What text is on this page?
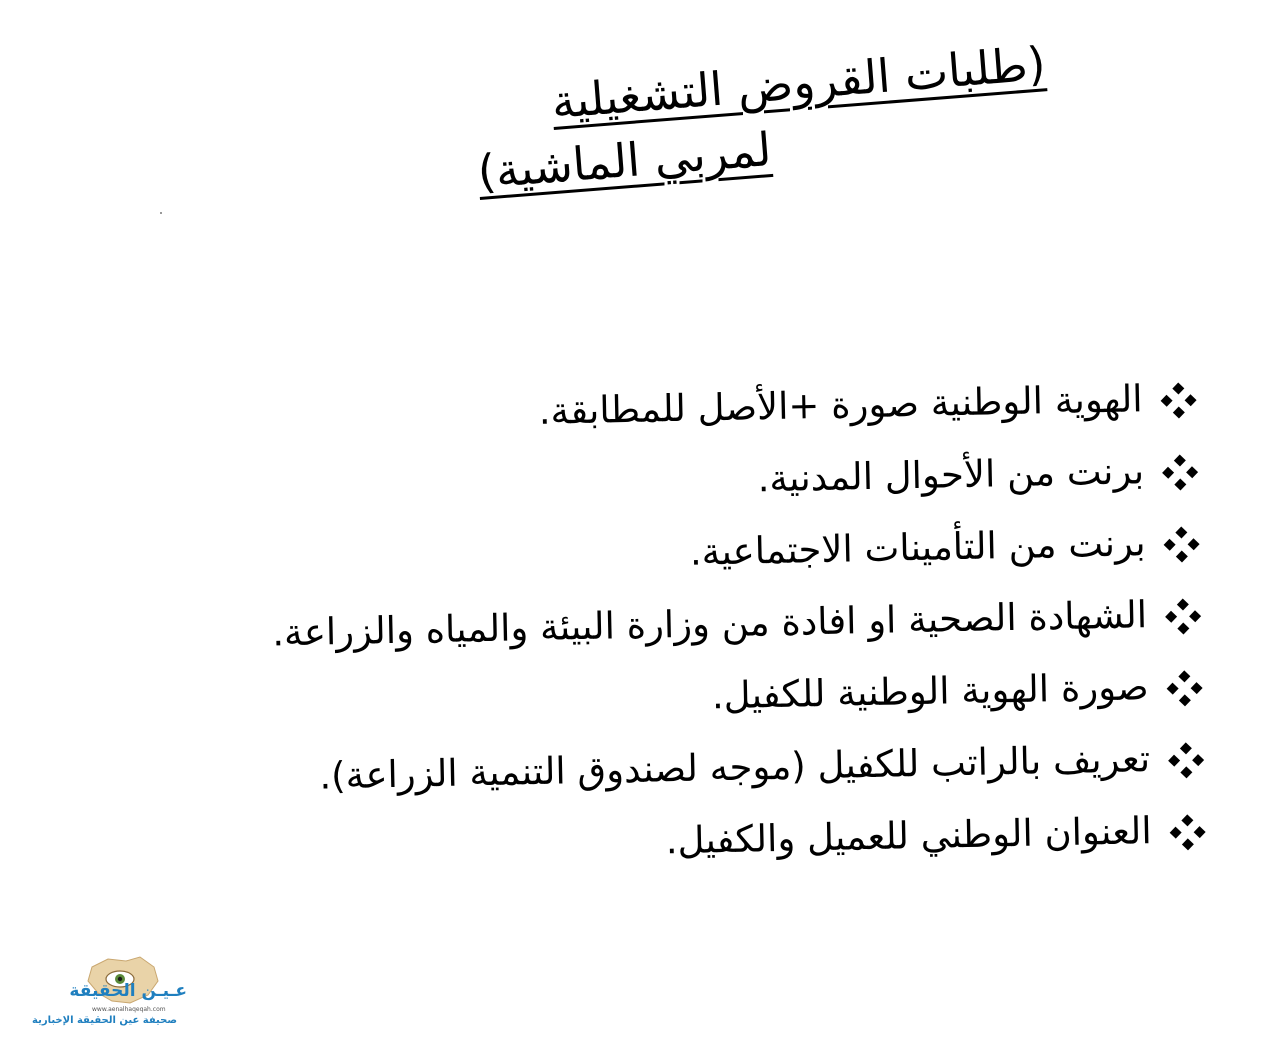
(طلبات القروض التشغيلية
لمربي الماشية)
الهوية الوطنية صورة +الأصل للمطابقة.
برنت من الأحوال المدنية.
برنت من التأمينات الاجتماعية.
الشهادة الصحية او افادة من وزارة البيئة والمياه والزراعة.
صورة الهوية الوطنية للكفيل.
تعريف بالراتب للكفيل (موجه لصندوق التنمية الزراعة).
العنوان الوطني للعميل والكفيل.
عـيـن الحقيقة
www.aenalhaqeqah.com
صحيفة عين الحقيقة الإخبارية
